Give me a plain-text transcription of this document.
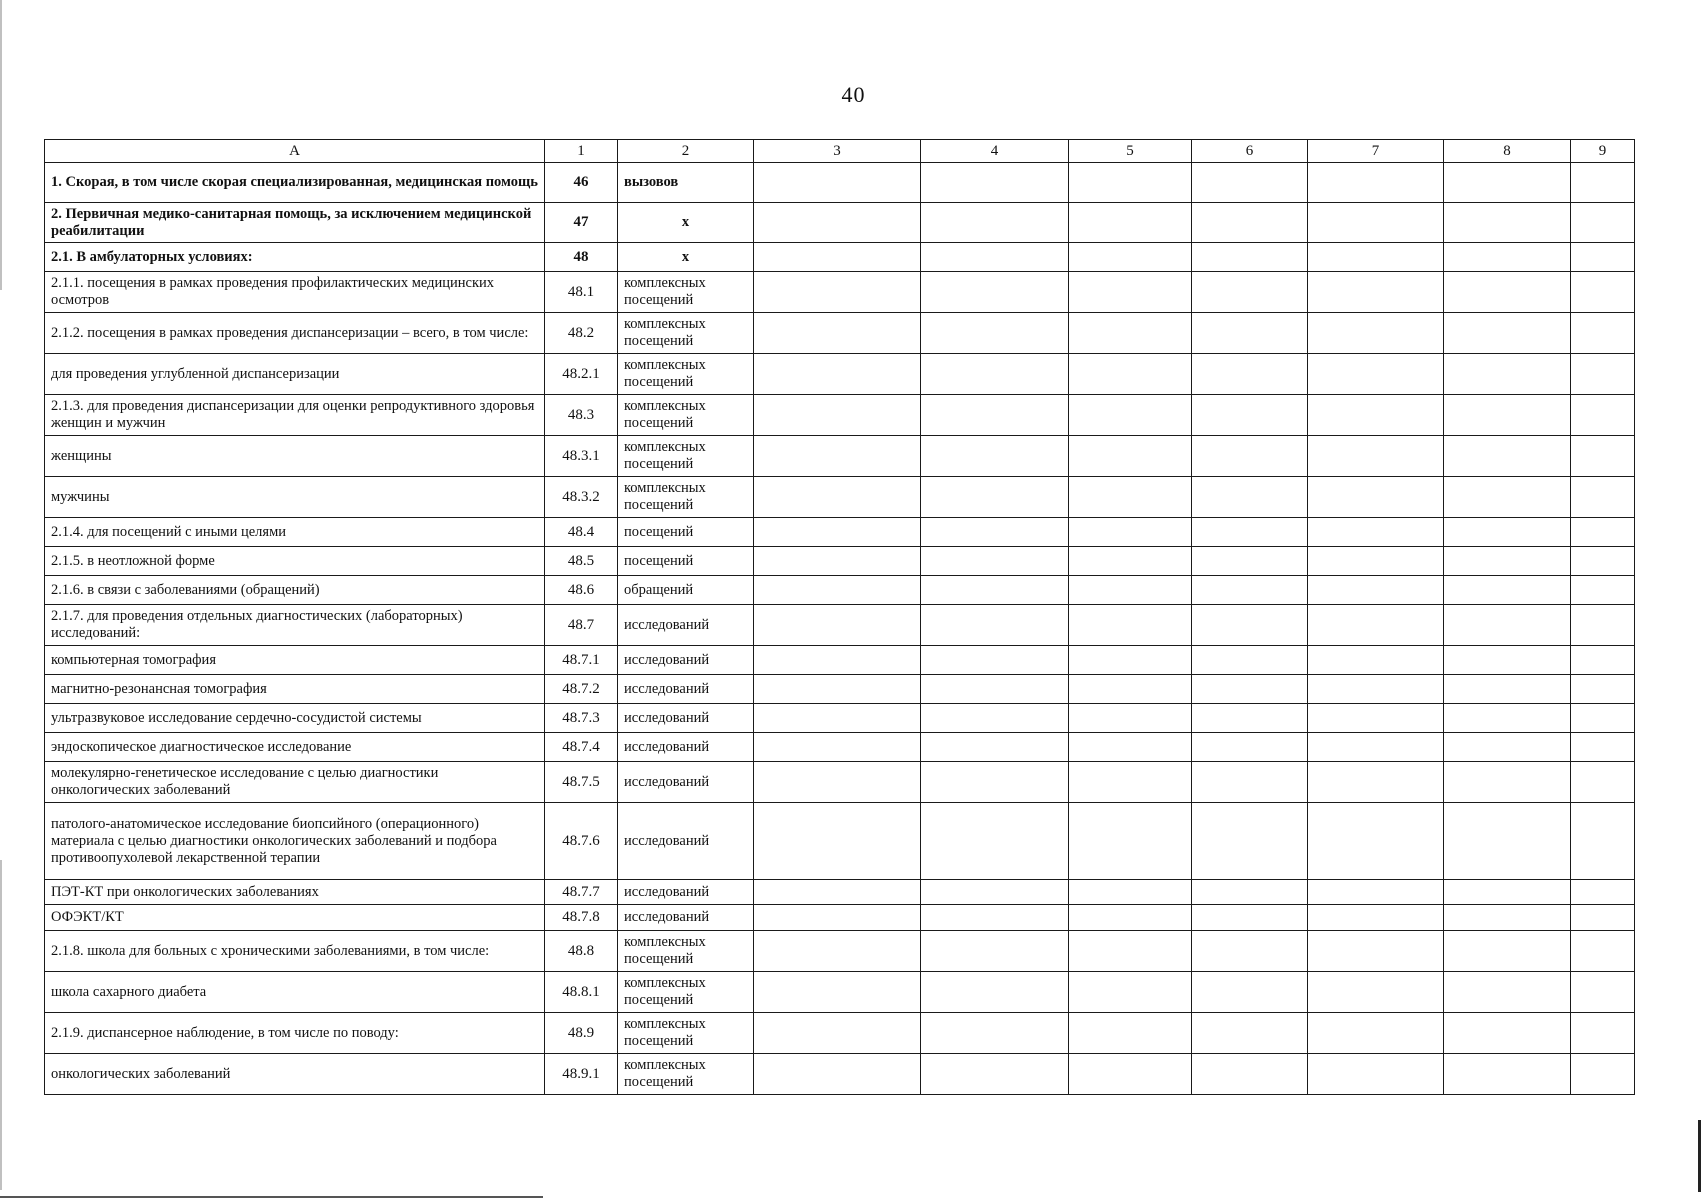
40
А	1	2	3	4	5	6	7	8	9
1. Скорая, в том числе скорая специализированная, медицинская помощь	46	вызовов							
2. Первичная медико-санитарная помощь, за исключением медицинской реабилитации	47	х							
2.1. В амбулаторных условиях:	48	х							
2.1.1. посещения в рамках проведения профилактических медицинских осмотров	48.1	комплексных посещений							
2.1.2. посещения в рамках проведения диспансеризации – всего, в том числе:	48.2	комплексных посещений							
для проведения углубленной диспансеризации	48.2.1	комплексных посещений							
2.1.3. для проведения диспансеризации для оценки репродуктивного здоровья женщин и мужчин	48.3	комплексных посещений							
женщины	48.3.1	комплексных посещений							
мужчины	48.3.2	комплексных посещений							
2.1.4. для посещений с иными целями	48.4	посещений							
2.1.5. в неотложной форме	48.5	посещений							
2.1.6. в связи с заболеваниями (обращений)	48.6	обращений							
2.1.7. для проведения отдельных диагностических (лабораторных) исследований:	48.7	исследований							
компьютерная томография	48.7.1	исследований							
магнитно-резонансная томография	48.7.2	исследований							
ультразвуковое исследование сердечно-сосудистой системы	48.7.3	исследований							
эндоскопическое диагностическое исследование	48.7.4	исследований							
молекулярно-генетическое исследование с целью диагностики онкологических заболеваний	48.7.5	исследований							
патолого-анатомическое исследование биопсийного (операционного) материала с целью диагностики онкологических заболеваний и подбора противоопухолевой лекарственной терапии	48.7.6	исследований							
ПЭТ-КТ при онкологических заболеваниях	48.7.7	исследований							
ОФЭКТ/КТ	48.7.8	исследований							
2.1.8. школа для больных с хроническими заболеваниями, в том числе:	48.8	комплексных посещений							
школа сахарного диабета	48.8.1	комплексных посещений							
2.1.9. диспансерное наблюдение, в том числе по поводу:	48.9	комплексных посещений							
онкологических заболеваний	48.9.1	комплексных посещений							
